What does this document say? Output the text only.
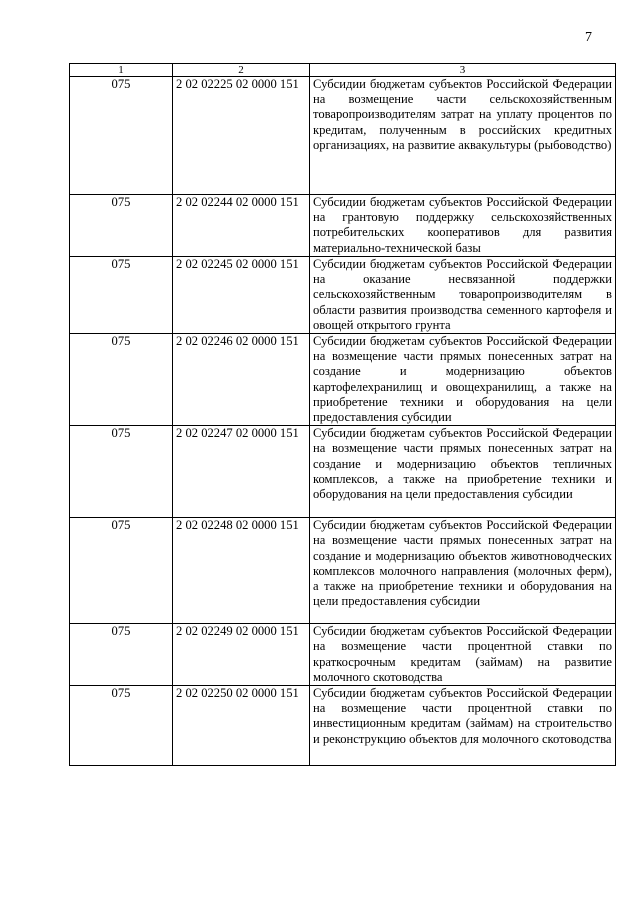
7
1	2	3
075	2 02 02225 02 0000 151	Субсидии бюджетам субъектов Российской Федерации на возмещение части сельскохозяйственным товаропроизводителям затрат на уплату процентов по кредитам, полученным в российских кредитных организациях, на развитие аквакультуры (рыбоводство)
075	2 02 02244 02 0000 151	Субсидии бюджетам субъектов Российской Федерации на грантовую поддержку сельскохозяйственных потребительских кооперативов для развития материально-технической базы
075	2 02 02245 02 0000 151	Субсидии бюджетам субъектов Российской Федерации на оказание несвязанной поддержки сельскохозяйственным товаропроизводителям в области развития производства семенного картофеля и овощей открытого грунта
075	2 02 02246 02 0000 151	Субсидии бюджетам субъектов Российской Федерации на возмещение части прямых понесенных затрат на создание и модернизацию объектов картофелехранилищ и овощехранилищ, а также на приобретение техники и оборудования на цели предоставления субсидии
075	2 02 02247 02 0000 151	Субсидии бюджетам субъектов Российской Федерации на возмещение части прямых понесенных затрат на создание и модернизацию объектов тепличных комплексов, а также на приобретение техники и оборудования на цели предоставления субсидии
075	2 02 02248 02 0000 151	Субсидии бюджетам субъектов Российской Федерации на возмещение части прямых понесенных затрат на создание и модернизацию объектов животноводческих комплексов молочного направления (молочных ферм), а также на приобретение техники и оборудования на цели предоставления субсидии
075	2 02 02249 02 0000 151	Субсидии бюджетам субъектов Российской Федерации на возмещение части процентной ставки по краткосрочным кредитам (займам) на развитие молочного скотоводства
075	2 02 02250 02 0000 151	Субсидии бюджетам субъектов Российской Федерации на возмещение части процентной ставки по инвестиционным кредитам (займам) на строительство и реконструкцию объектов для молочного скотоводства
